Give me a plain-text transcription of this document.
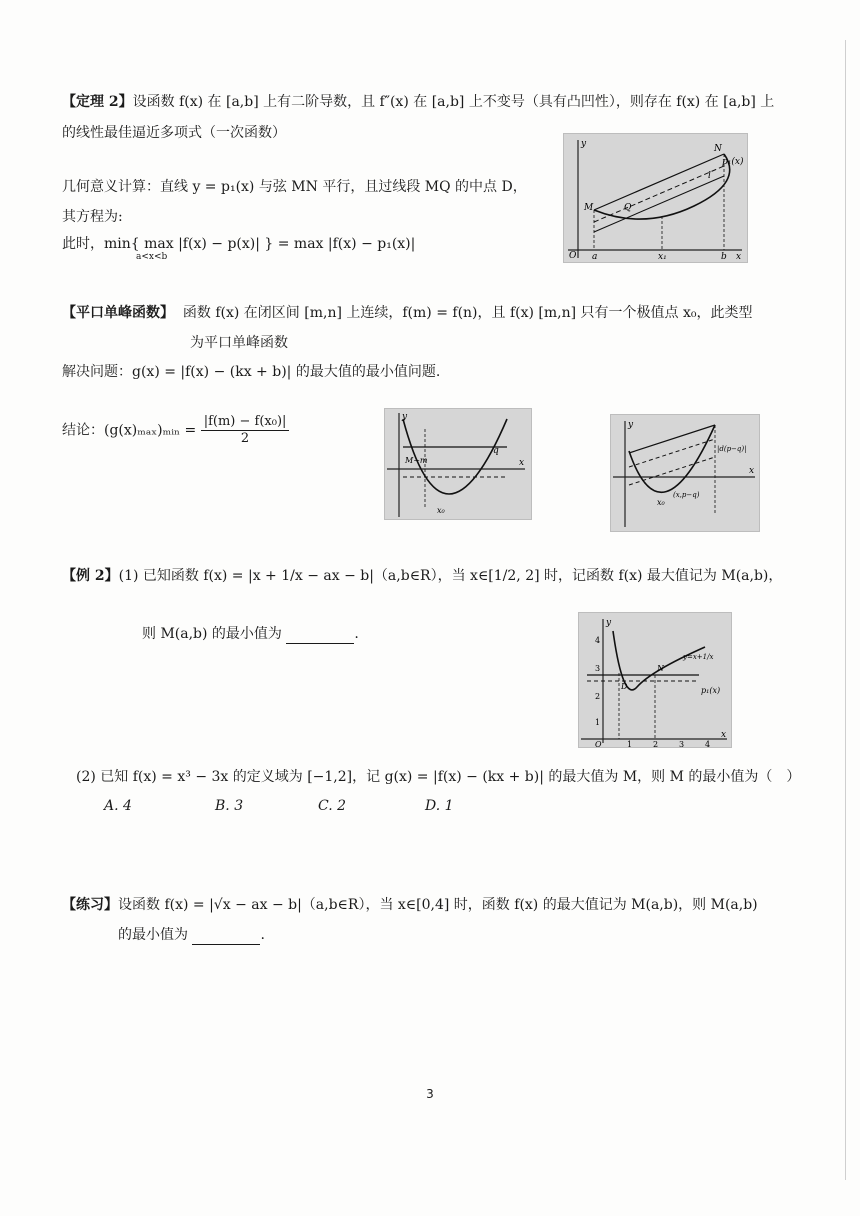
【定理 2】设函数 f(x) 在 [a,b] 上有二阶导数，且 f″(x) 在 [a,b] 上不变号（具有凸凹性），则存在 f(x) 在 [a,b] 上
的线性最佳逼近多项式（一次函数）
几何意义计算：直线 y = p₁(x) 与弦 MN 平行，且过线段 MQ 的中点 D，
其方程为:
此时，min{ max |f(x) − p(x)| } = max |f(x) − p₁(x)|
a<x<b
y	N
p₁(x)
M	Q
O a	x₁	b x
l
【平口单峰函数】 函数 f(x) 在闭区间 [m,n] 上连续，f(m) = f(n)，且 f(x) [m,n] 只有一个极值点 x₀，此类型
为平口单峰函数
解决问题：g(x) = |f(x) − (kx + b)| 的最大值的最小值问题.
结论：(g(x)ₘₐₓ)ₘᵢₙ = $\frac{\text{|f(m) − f(x₀)|}}{2}$	y
M−m
q
x₀
x
y
|d(p−q)|
x₀
(x,p−q)
x
【例 2】(1) 已知函数 f(x) = |x + 1/x − ax − b|（a,b∈R），当 x∈[1/2, 2] 时，记函数 f(x) 最大值记为 M(a,b)，
则 M(a,b) 的最小值为	.
y
4
3
2
1
O	1	2	3	4
x
y=x+1/x
p₁(x)
D
N
(2) 已知 f(x) = x³ − 3x 的定义域为 [−1,2]，记 g(x) = |f(x) − (kx + b)| 的最大值为 M，则 M 的最小值为（　）
A. 4	B. 3	C. 2	D. 1
【练习】设函数 f(x) = |√x − ax − b|（a,b∈R），当 x∈[0,4] 时，函数 f(x) 的最大值记为 M(a,b)，则 M(a,b)
的最小值为	.
3
